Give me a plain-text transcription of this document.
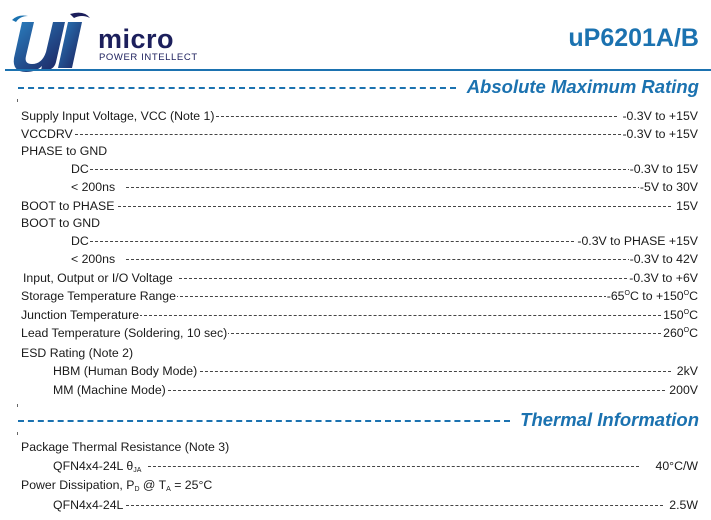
micro
POWER INTELLECT
uP6201A/B
Absolute Maximum Rating
Supply Input Voltage, VCC (Note 1)	-0.3V to +15V
VCCDRV	-0.3V to +15V
PHASE to GND
DC	-0.3V to 15V
< 200ns	-5V to 30V
BOOT to PHASE	15V
BOOT to GND
DC	-0.3V to PHASE +15V
< 200ns	-0.3V to 42V
Input, Output or I/O Voltage	-0.3V to +6V
Storage Temperature Range	$-65^OC$ to $+150^OC$
Junction Temperature	$150^OC$
Lead Temperature (Soldering, 10 sec)	$260^OC$
ESD Rating (Note 2)
HBM (Human Body Mode)	2kV
MM (Machine Mode)	200V
Thermal Information
Package Thermal Resistance (Note 3)
QFN4x4-24L $\theta_{JA}$	40°C/W
Power Dissipation, $P_D$ @ $T_A = 25^\circ C$
QFN4x4-24L	2.5W
